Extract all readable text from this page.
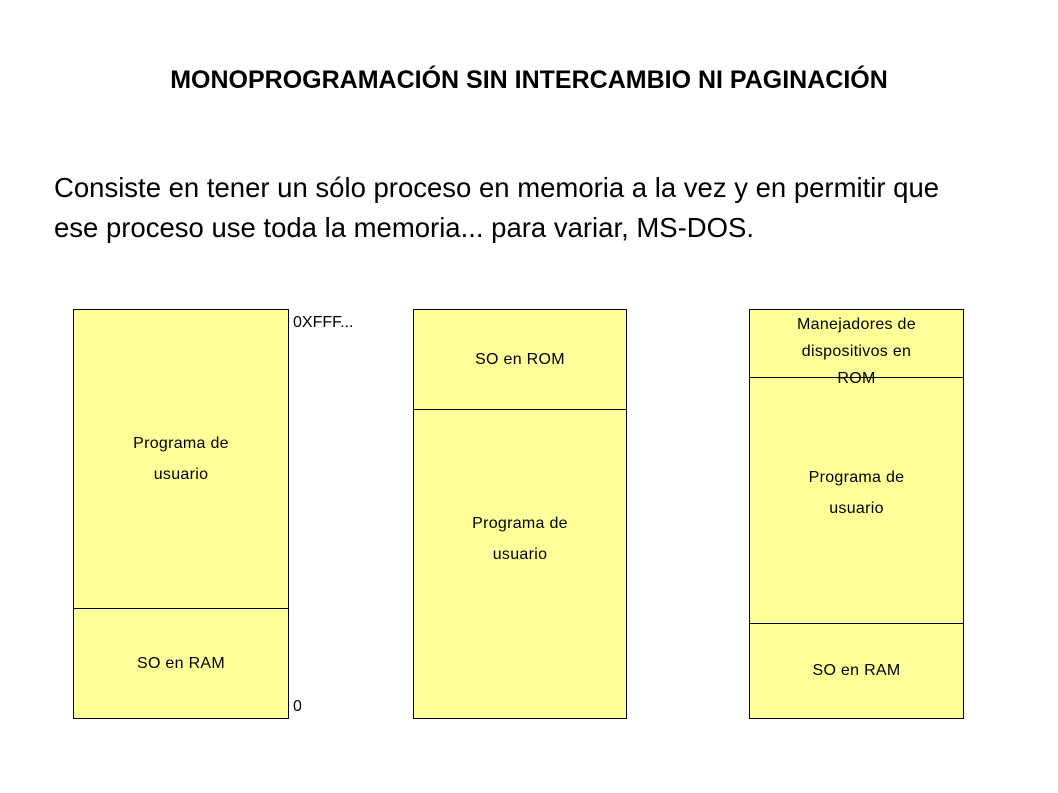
MONOPROGRAMACIÓN SIN INTERCAMBIO NI PAGINACIÓN
Consiste en tener un sólo proceso en memoria a la vez y en permitir que ese proceso use toda la memoria... para variar, MS-DOS.
Programa de
usuario
SO en RAM
0XFFF...
0
SO en ROM
Programa de
usuario
Manejadores de
dispositivos en
ROM
Programa de
usuario
SO en RAM
